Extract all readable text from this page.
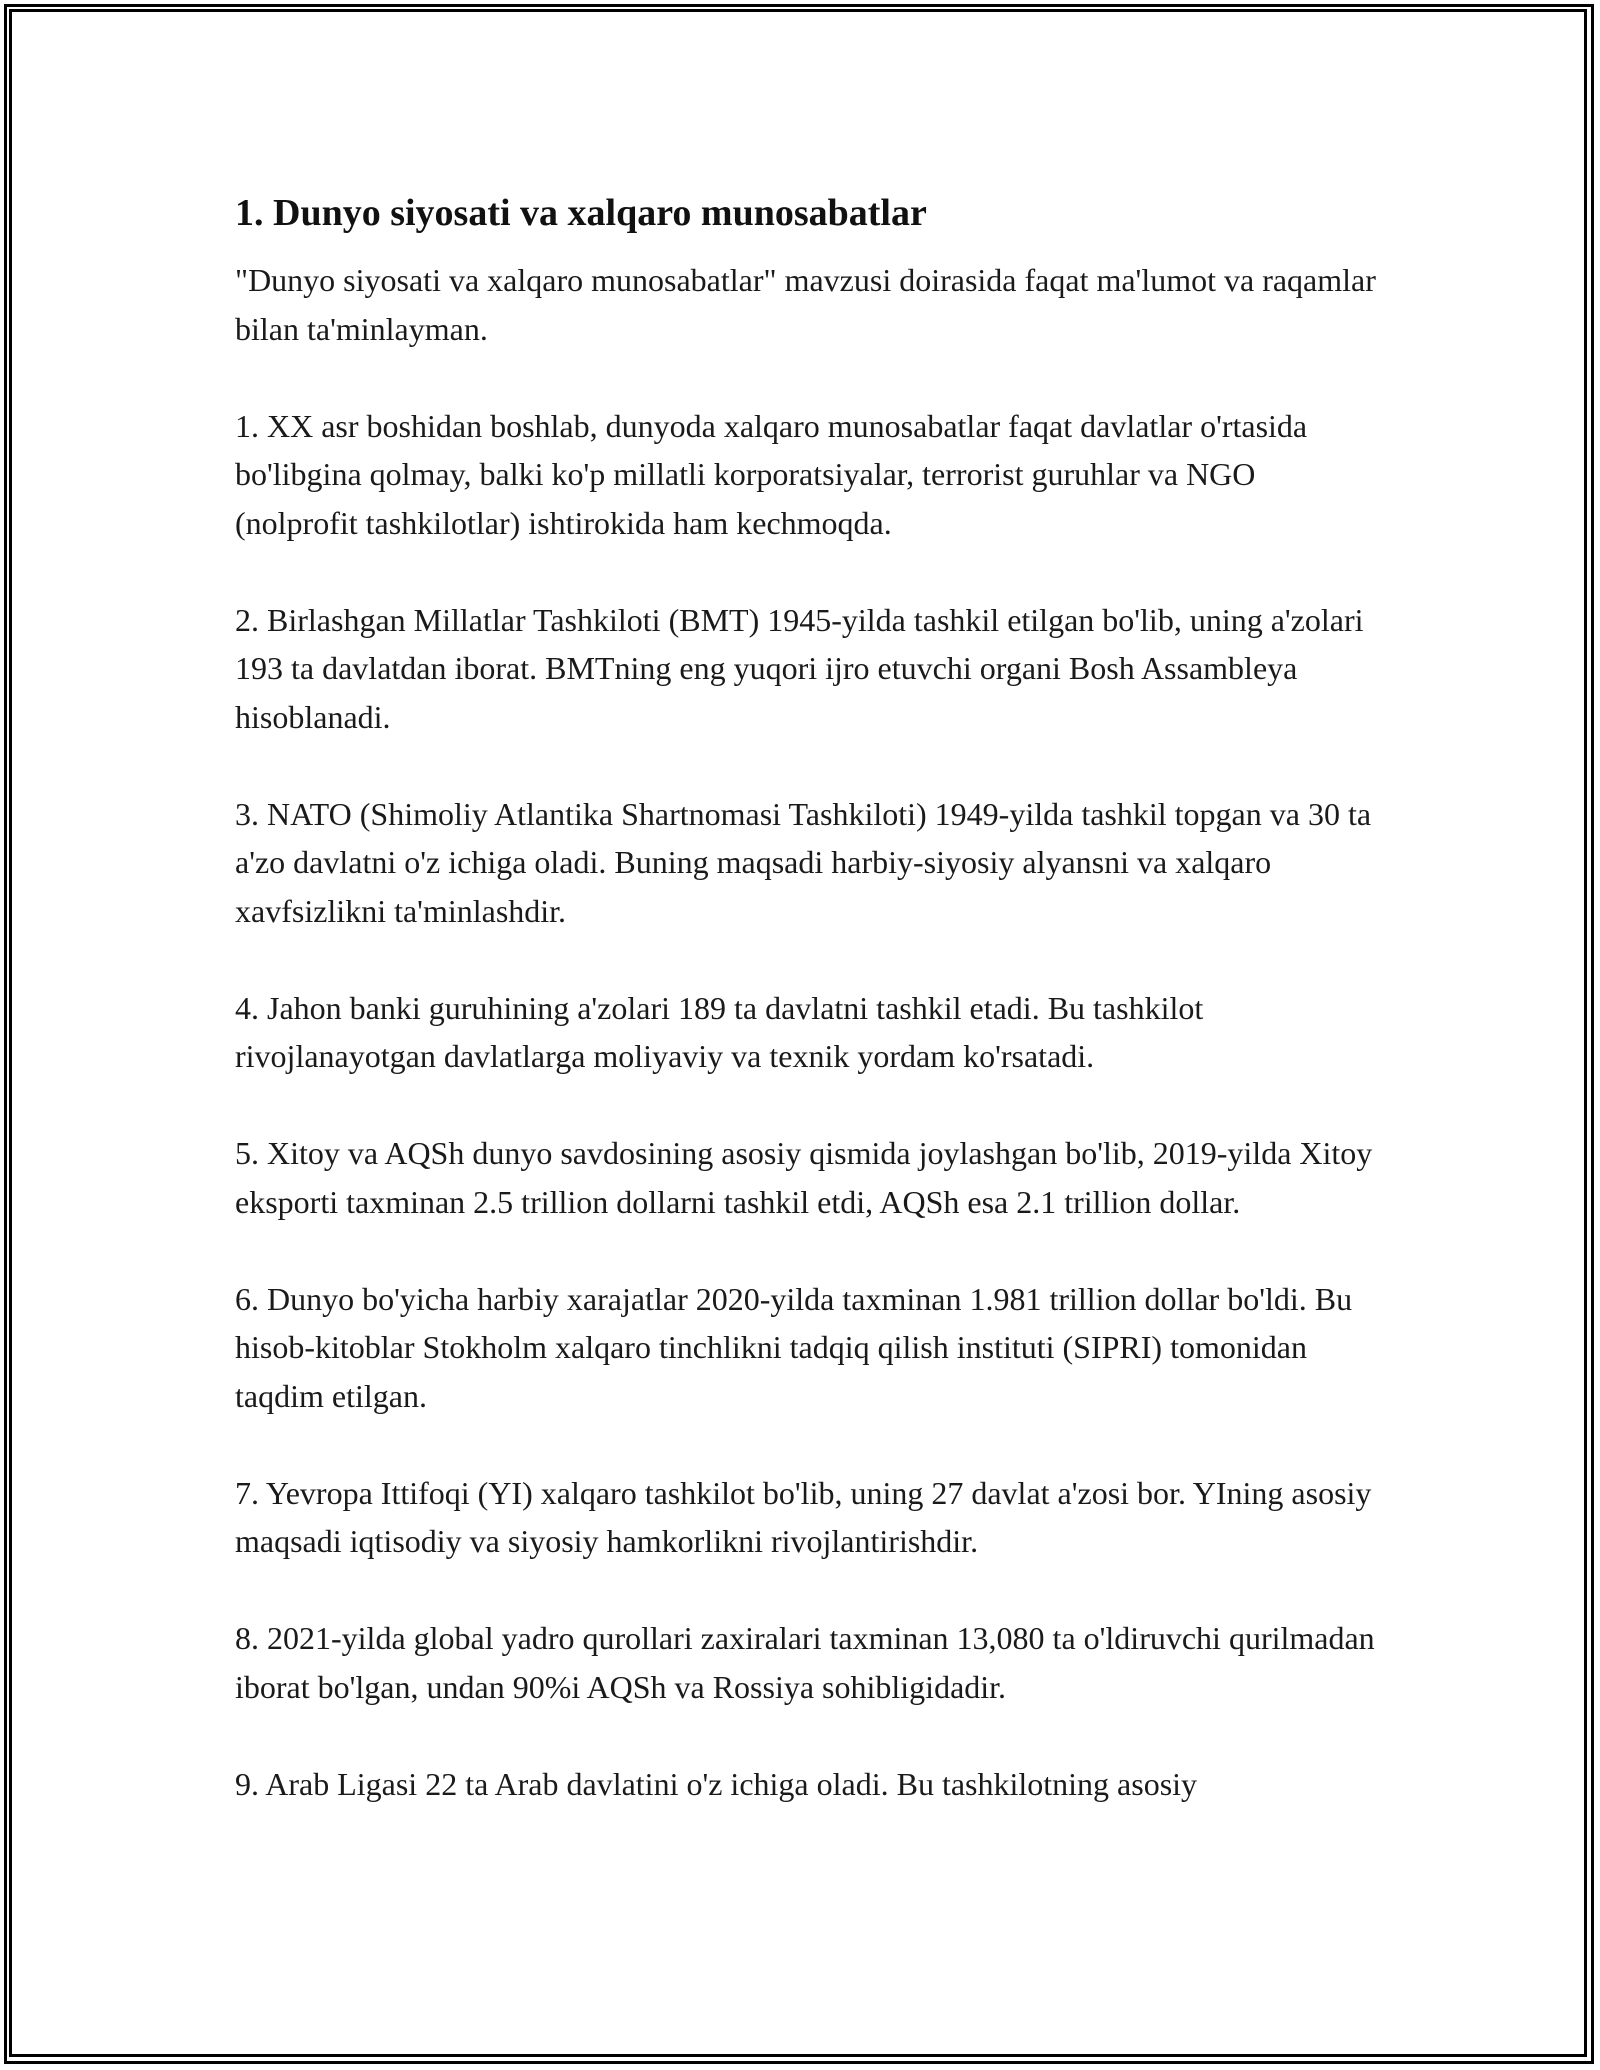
1. Dunyo siyosati va xalqaro munosabatlar

"Dunyo siyosati va xalqaro munosabatlar" mavzusi doirasida faqat ma'lumot va raqamlar bilan ta'minlayman.

1. XX asr boshidan boshlab, dunyoda xalqaro munosabatlar faqat davlatlar o'rtasida bo'libgina qolmay, balki ko'p millatli korporatsiyalar, terrorist guruhlar va NGO (nolprofit tashkilotlar) ishtirokida ham kechmoqda.

2. Birlashgan Millatlar Tashkiloti (BMT) 1945-yilda tashkil etilgan bo'lib, uning a'zolari 193 ta davlatdan iborat. BMTning eng yuqori ijro etuvchi organi Bosh Assambleya hisoblanadi.

3. NATO (Shimoliy Atlantika Shartnomasi Tashkiloti) 1949-yilda tashkil topgan va 30 ta a'zo davlatni o'z ichiga oladi. Buning maqsadi harbiy-siyosiy alyansni va xalqaro xavfsizlikni ta'minlashdir.

4. Jahon banki guruhining a'zolari 189 ta davlatni tashkil etadi. Bu tashkilot rivojlanayotgan davlatlarga moliyaviy va texnik yordam ko'rsatadi.

5. Xitoy va AQSh dunyo savdosining asosiy qismida joylashgan bo'lib, 2019-yilda Xitoy eksporti taxminan 2.5 trillion dollarni tashkil etdi, AQSh esa 2.1 trillion dollar.

6. Dunyo bo'yicha harbiy xarajatlar 2020-yilda taxminan 1.981 trillion dollar bo'ldi. Bu hisob-kitoblar Stokholm xalqaro tinchlikni tadqiq qilish instituti (SIPRI) tomonidan taqdim etilgan.

7. Yevropa Ittifoqi (YI) xalqaro tashkilot bo'lib, uning 27 davlat a'zosi bor. YIning asosiy maqsadi iqtisodiy va siyosiy hamkorlikni rivojlantirishdir.

8. 2021-yilda global yadro qurollari zaxiralari taxminan 13,080 ta o'ldiruvchi qurilmadan iborat bo'lgan, undan 90%i AQSh va Rossiya sohibligidadir.

9. Arab Ligasi 22 ta Arab davlatini o'z ichiga oladi. Bu tashkilotning asosiy
